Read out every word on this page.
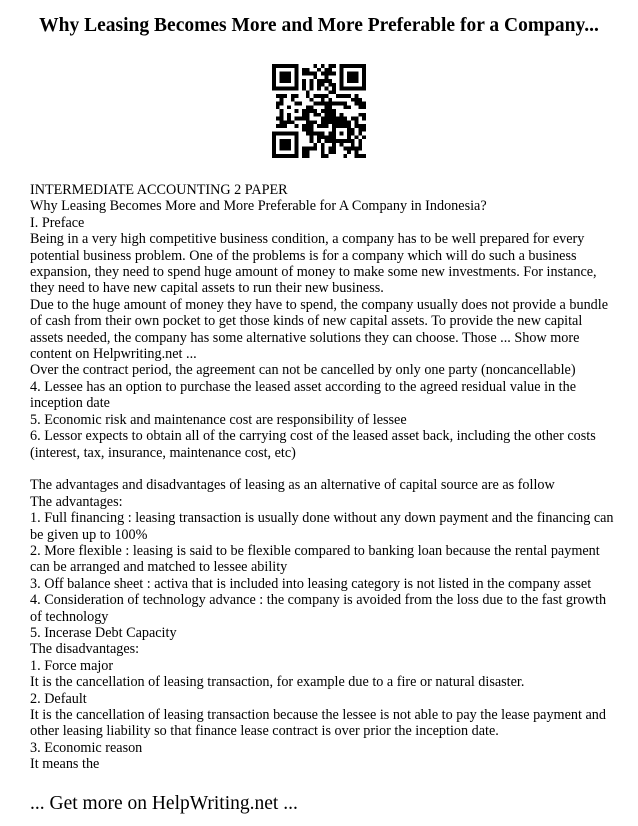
Why Leasing Becomes More and More Preferable for a Company...

INTERMEDIATE ACCOUNTING 2 PAPER

Why Leasing Becomes More and More Preferable for A Company in Indonesia?

I. Preface

Being in a very high competitive business condition, a company has to be well prepared for every potential business problem. One of the problems is for a company which will do such a business expansion, they need to spend huge amount of money to make some new investments. For instance, they need to have new capital assets to run their new business.

Due to the huge amount of money they have to spend, the company usually does not provide a bundle of cash from their own pocket to get those kinds of new capital assets. To provide the new capital assets needed, the company has some alternative solutions they can choose. Those ... Show more content on Helpwriting.net ...

Over the contract period, the agreement can not be cancelled by only one party (noncancellable)

4. Lessee has an option to purchase the leased asset according to the agreed residual value in the inception date

5. Economic risk and maintenance cost are responsibility of lessee

6. Lessor expects to obtain all of the carrying cost of the leased asset back, including the other costs (interest, tax, insurance, maintenance cost, etc)

The advantages and disadvantages of leasing as an alternative of capital source are as follow

The advantages:

1. Full financing : leasing transaction is usually done without any down payment and the financing can be given up to 100%

2. More flexible : leasing is said to be flexible compared to banking loan because the rental payment can be arranged and matched to lessee ability

3. Off balance sheet : activa that is included into leasing category is not listed in the company asset

4. Consideration of technology advance : the company is avoided from the loss due to the fast growth of technology

5. Incerase Debt Capacity

The disadvantages:

1. Force major

It is the cancellation of leasing transaction, for example due to a fire or natural disaster.

2. Default

It is the cancellation of leasing transaction because the lessee is not able to pay the lease payment and other leasing liability so that finance lease contract is over prior the inception date.

3. Economic reason

It means the

... Get more on HelpWriting.net ...
